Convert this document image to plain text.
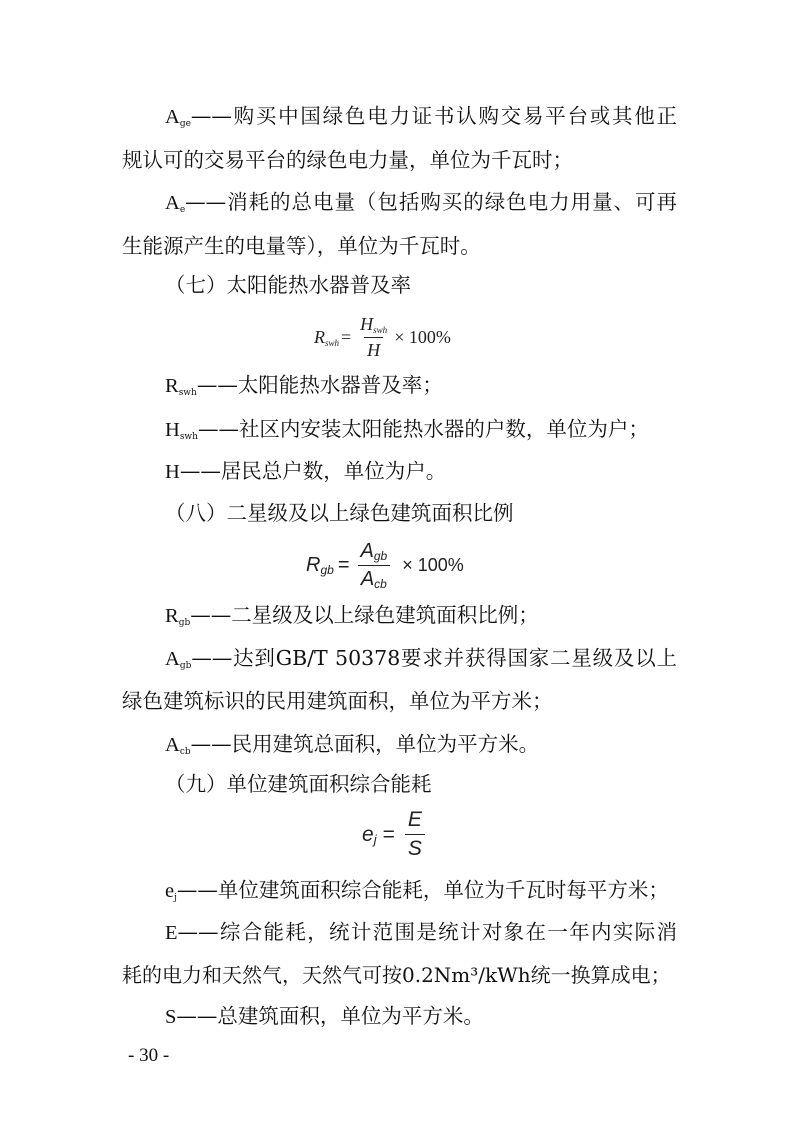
$A_{ge}——$购买中国绿色电力证书认购交易平台或其他正
规认可的交易平台的绿色电力量，单位为千瓦时；
$A_e——$消耗的总电量（包括购买的绿色电力用量、可再
生能源产生的电量等），单位为千瓦时。
（七）太阳能热水器普及率
$R_{swh} = \frac{H_{swh}}{H} \times 100\%$
$R_{swh}——$太阳能热水器普及率；
$H_{swh}——$社区内安装太阳能热水器的户数，单位为户；
H——居民总户数，单位为户。
（八）二星级及以上绿色建筑面积比例
$R_{gb} = \frac{A_{gb}}{A_{cb}} \times 100\%$
$R_{gb}——$二星级及以上绿色建筑面积比例；
$A_{gb}——$达到GB/T 50378要求并获得国家二星级及以上
绿色建筑标识的民用建筑面积，单位为平方米；
$A_{cb}——$民用建筑总面积，单位为平方米。
（九）单位建筑面积综合能耗
$e_j = \frac{E}{S}$
$e_j——$单位建筑面积综合能耗，单位为千瓦时每平方米；
E——综合能耗，统计范围是统计对象在一年内实际消
耗的电力和天然气，天然气可按0.2Nm³/kWh统一换算成电；
S——总建筑面积，单位为平方米。
- 30 -
